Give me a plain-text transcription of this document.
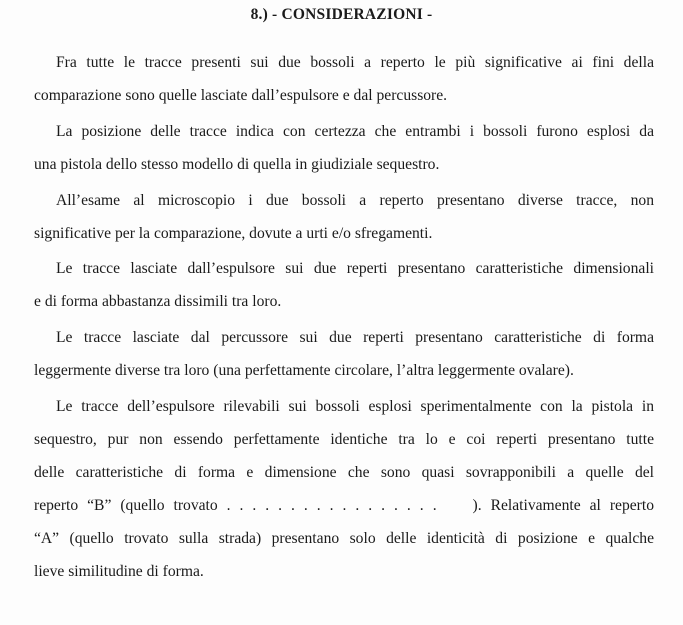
8.) - CONSIDERAZIONI -

Fra tutte le tracce presenti sui due bossoli a reperto le più significative ai fini della
comparazione sono quelle lasciate dall’espulsore e dal percussore.

La posizione delle tracce indica con certezza che entrambi i bossoli furono esplosi da
una pistola dello stesso modello di quella in giudiziale sequestro.

All’esame al microscopio i due bossoli a reperto presentano diverse tracce, non
significative per la comparazione, dovute a urti e/o sfregamenti.

Le tracce lasciate dall’espulsore sui due reperti presentano caratteristiche dimensionali
e di forma abbastanza dissimili tra loro.

Le tracce lasciate dal percussore sui due reperti presentano caratteristiche di forma
leggermente diverse tra loro (una perfettamente circolare, l’altra leggermente ovalare).

Le tracce dell’espulsore rilevabili sui bossoli esplosi sperimentalmente con la pistola in
sequestro, pur non essendo perfettamente identiche tra lo e coi reperti presentano tutte
delle caratteristiche di forma e dimensione che sono quasi sovrapponibili a quelle del
reperto “B” (quello trovato . . . . . . . . . . . . . . . . .    ). Relativamente al reperto
“A” (quello trovato sulla strada) presentano solo delle identicità di posizione e qualche
lieve similitudine di forma.
